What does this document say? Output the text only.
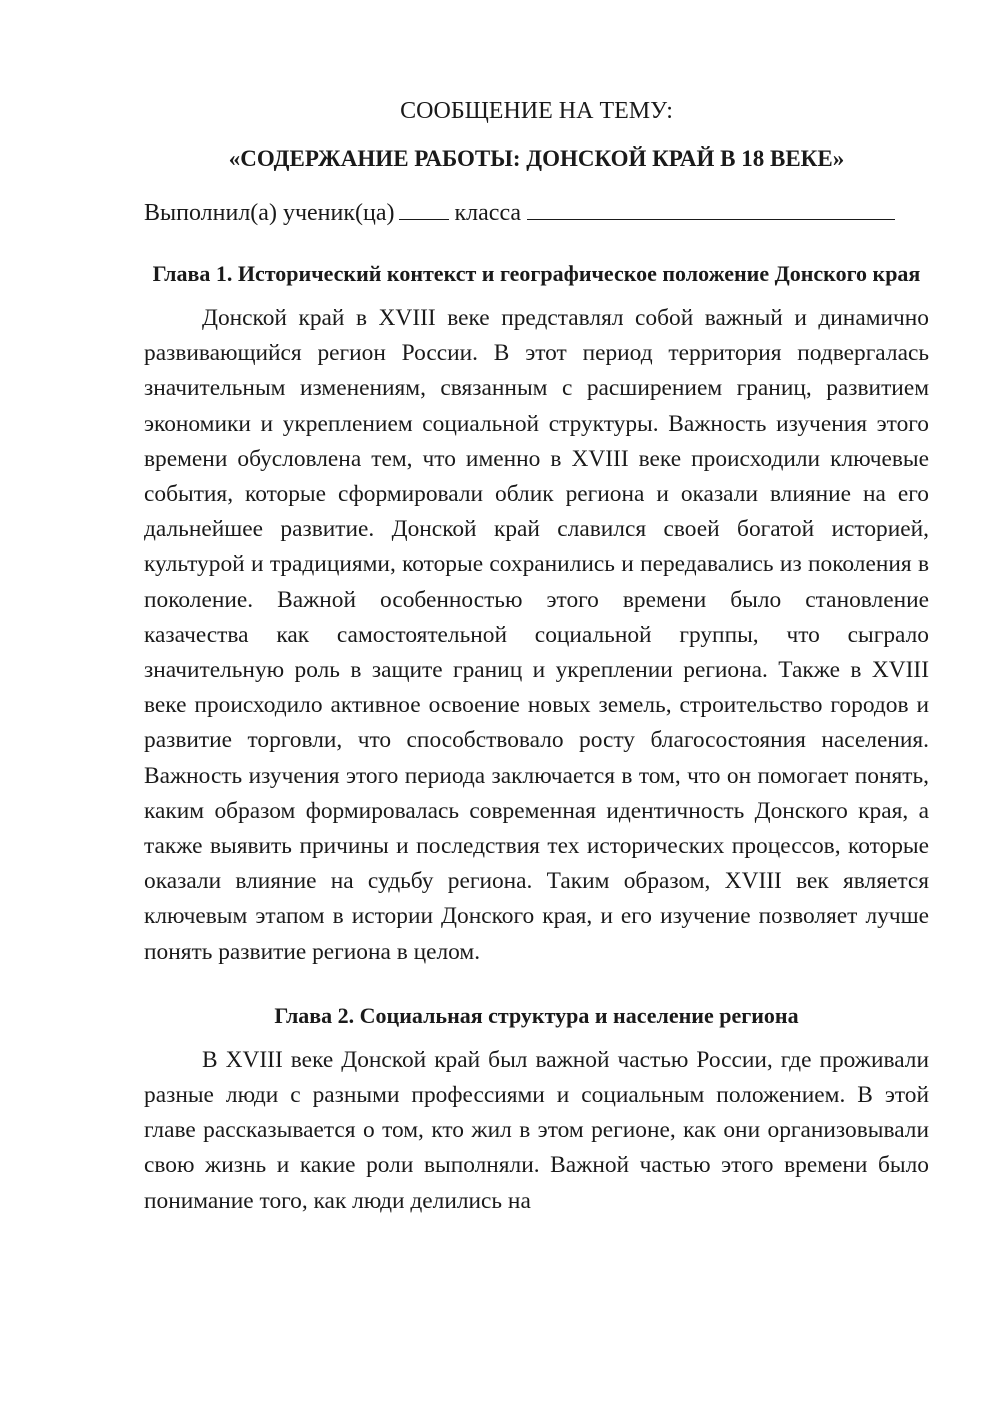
СООБЩЕНИЕ НА ТЕМУ:

«СОДЕРЖАНИЕ РАБОТЫ: ДОНСКОЙ КРАЙ В 18 ВЕКЕ»

Выполнил(а) ученик(ца)	класса
Глава 1. Исторический контекст и географическое положение Донского края

Донской край в XVIII веке представлял собой важный и динамично развивающийся регион России. В этот период территория подвергалась значительным изменениям, связанным с расширением границ, развитием экономики и укреплением социальной структуры. Важность изучения этого времени обусловлена тем, что именно в XVIII веке происходили ключевые события, которые сформировали облик региона и оказали влияние на его дальнейшее развитие. Донской край славился своей богатой историей, культурой и традициями, которые сохранились и передавались из поколения в поколение. Важной особенностью этого времени было становление казачества как самостоятельной социальной группы, что сыграло значительную роль в защите границ и укреплении региона. Также в XVIII веке происходило активное освоение новых земель, строительство городов и развитие торговли, что способствовало росту благосостояния населения. Важность изучения этого периода заключается в том, что он помогает понять, каким образом формировалась современная идентичность Донского края, а также выявить причины и последствия тех исторических процессов, которые оказали влияние на судьбу региона. Таким образом, XVIII век является ключевым этапом в истории Донского края, и его изучение позволяет лучше понять развитие региона в целом.

Глава 2. Социальная структура и население региона

В XVIII веке Донской край был важной частью России, где проживали разные люди с разными профессиями и социальным положением. В этой главе рассказывается о том, кто жил в этом регионе, как они организовывали свою жизнь и какие роли выполняли. Важной частью этого времени было понимание того, как люди делились на
